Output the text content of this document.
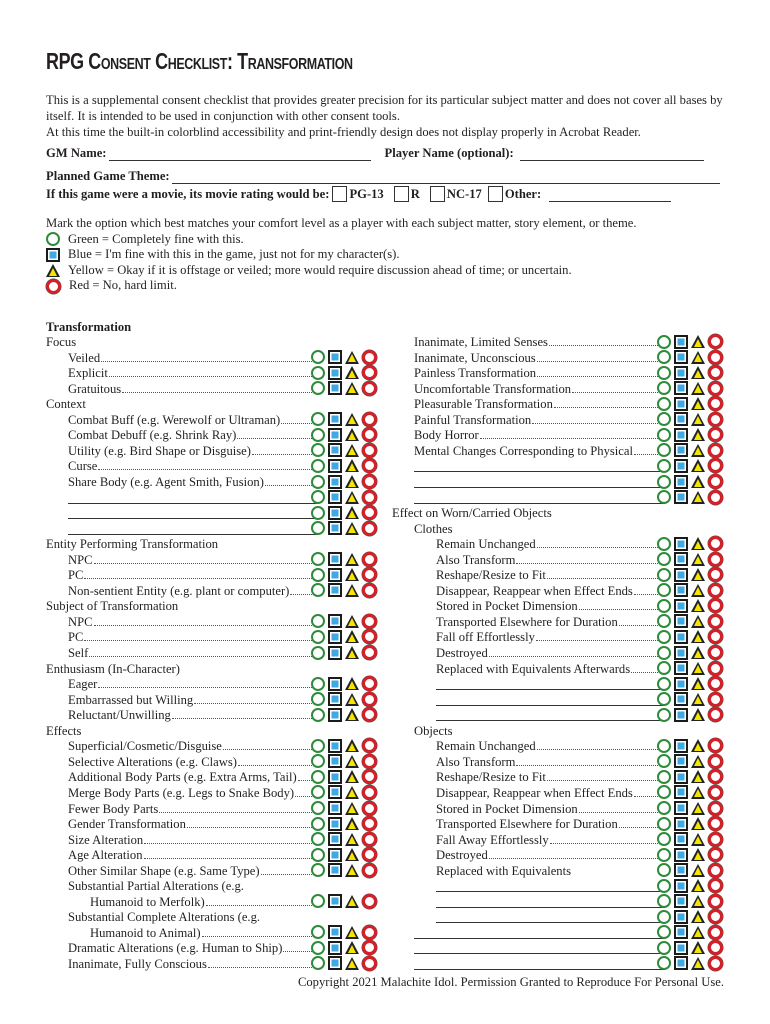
RPG Consent Checklist: Transformation

This is a supplemental consent checklist that provides greater precision for its particular subject matter and does not cover all bases by itself. It is intended to be used in conjunction with other consent tools.

At this time the built-in colorblind accessibility and print-friendly design does not display properly in Acrobat Reader.

GM Name:	Player Name (optional):
Planned Game Theme:
If this game were a movie, its movie rating would be: PG-13 R NC-17 Other:
Mark the option which best matches your comfort level as a player with each subject matter, story element, or theme.
Green = Completely fine with this.
Blue = I'm fine with this in the game, just not for my character(s).
Yellow = Okay if it is offstage or veiled; more would require discussion ahead of time; or uncertain.
Red = No, hard limit.
Transformation
Focus
Veiled
Explicit
Gratuitous
Context
Combat Buff (e.g. Werewolf or Ultraman)
Combat Debuff (e.g. Shrink Ray)
Utility (e.g. Bird Shape or Disguise)
Curse
Share Body (e.g. Agent Smith, Fusion)
Entity Performing Transformation
NPC
PC
Non-sentient Entity (e.g. plant or computer)
Subject of Transformation
NPC
PC
Self
Enthusiasm (In-Character)
Eager
Embarrassed but Willing
Reluctant/Unwilling
Effects
Superficial/Cosmetic/Disguise
Selective Alterations (e.g. Claws)
Additional Body Parts (e.g. Extra Arms, Tail)
Merge Body Parts (e.g. Legs to Snake Body)
Fewer Body Parts
Gender Transformation
Size Alteration
Age Alteration
Other Similar Shape (e.g. Same Type)
Substantial Partial Alterations (e.g.
Humanoid to Merfolk)
Substantial Complete Alterations (e.g.
Humanoid to Animal)
Dramatic Alterations (e.g. Human to Ship)
Inanimate, Fully Conscious
Inanimate, Limited Senses
Inanimate, Unconscious
Painless Transformation
Uncomfortable Transformation
Pleasurable Transformation
Painful Transformation
Body Horror
Mental Changes Corresponding to Physical
Effect on Worn/Carried Objects
Clothes
Remain Unchanged
Also Transform
Reshape/Resize to Fit
Disappear, Reappear when Effect Ends
Stored in Pocket Dimension
Transported Elsewhere for Duration
Fall off Effortlessly
Destroyed
Replaced with Equivalents Afterwards
Objects
Remain Unchanged
Also Transform
Reshape/Resize to Fit
Disappear, Reappear when Effect Ends
Stored in Pocket Dimension
Transported Elsewhere for Duration
Fall Away Effortlessly
Destroyed
Replaced with Equivalents
Copyright 2021 Malachite Idol. Permission Granted to Reproduce For Personal Use.
